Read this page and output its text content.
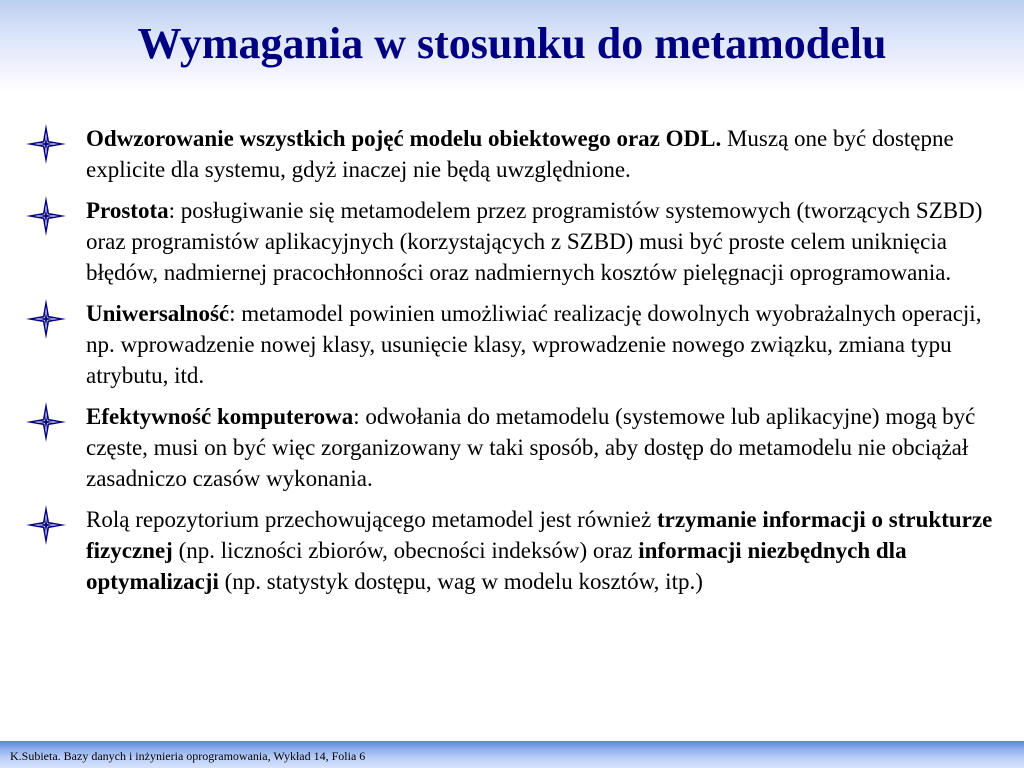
Wymagania w stosunku do metamodelu
Odwzorowanie wszystkich pojęć modelu obiektowego oraz ODL. Muszą one być dostępne explicite dla systemu, gdyż inaczej nie będą uwzględnione.
Prostota: posługiwanie się metamodelem przez programistów systemowych (tworzących SZBD) oraz programistów aplikacyjnych (korzystających z SZBD) musi być proste celem uniknięcia błędów, nadmiernej pracochłonności oraz nadmiernych kosztów pielęgnacji oprogramowania.
Uniwersalność: metamodel powinien umożliwiać realizację dowolnych wyobrażalnych operacji, np. wprowadzenie nowej klasy, usunięcie klasy, wprowadzenie nowego związku, zmiana typu atrybutu, itd.
Efektywność komputerowa: odwołania do metamodelu (systemowe lub aplikacyjne) mogą być częste, musi on być więc zorganizowany w taki sposób, aby dostęp do metamodelu nie obciążał zasadniczo czasów wykonania.
Rolą repozytorium przechowującego metamodel jest również trzymanie informacji o strukturze fizycznej (np. liczności zbiorów, obecności indeksów) oraz informacji niezbędnych dla optymalizacji (np. statystyk dostępu, wag w modelu kosztów, itp.)
K.Subieta. Bazy danych i inżynieria oprogramowania, Wykład 14, Folia 6
